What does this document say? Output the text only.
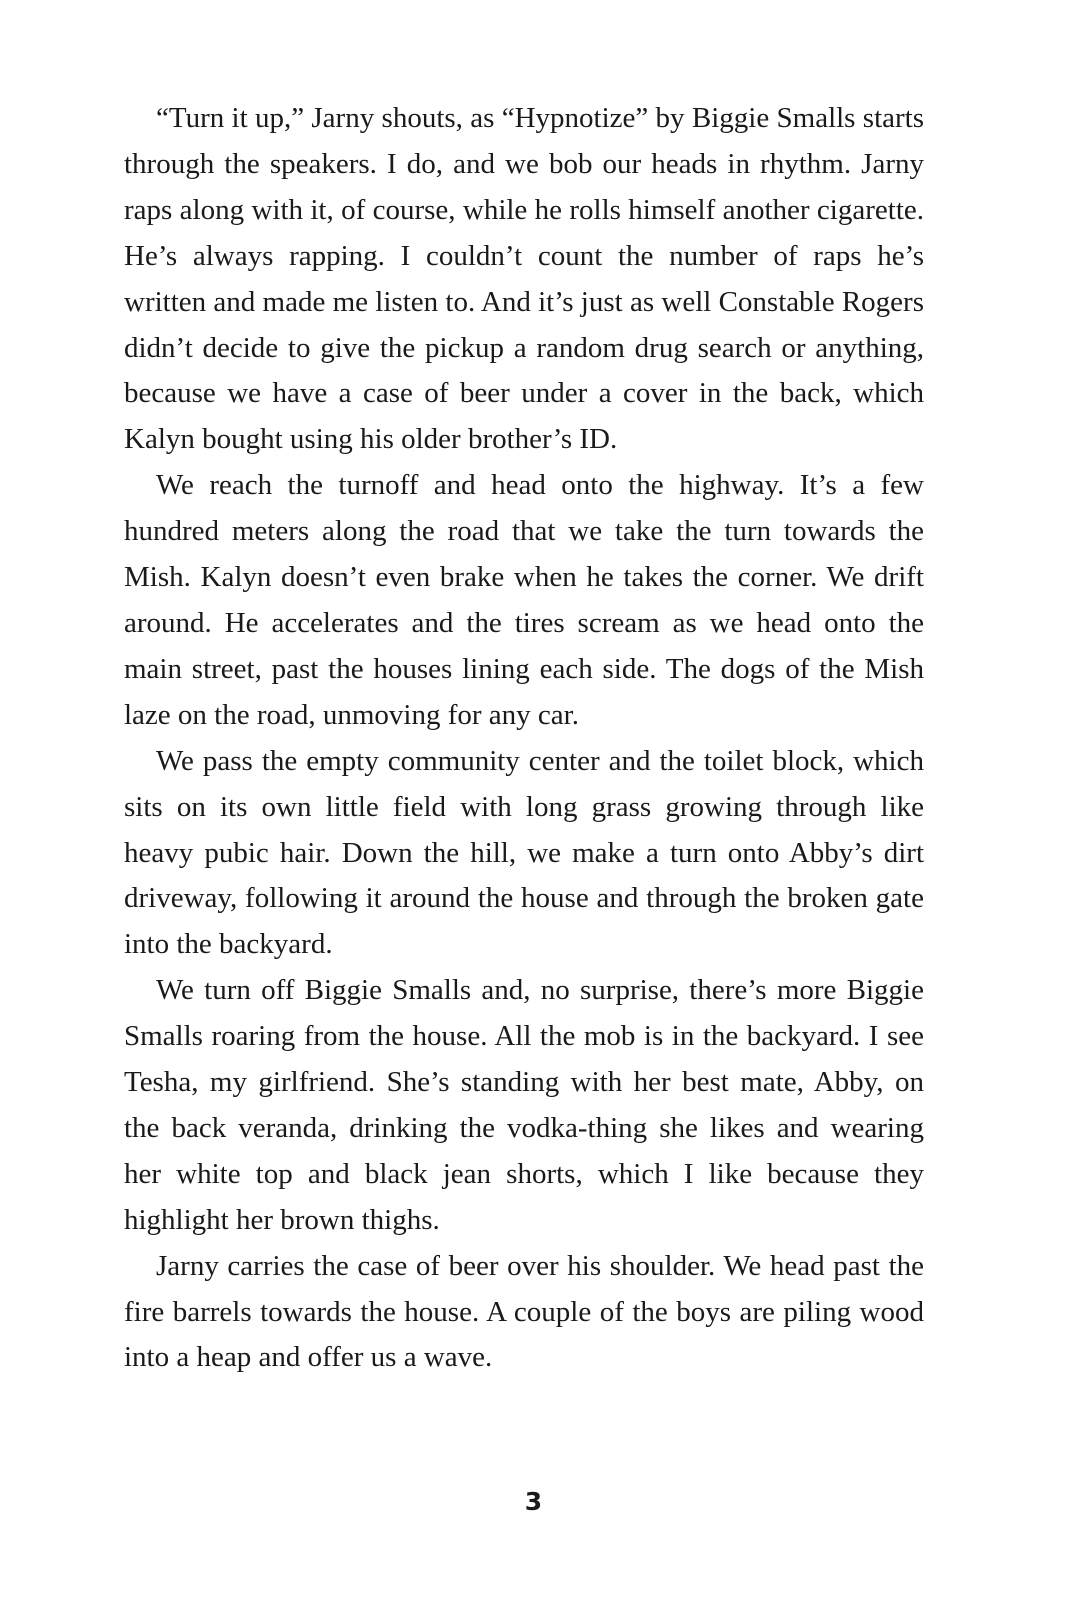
“Turn it up,” Jarny shouts, as “Hypnotize” by Biggie Smalls starts through the speakers. I do, and we bob our heads in rhythm. Jarny raps along with it, of course, while he rolls himself another cigarette. He’s always rapping. I couldn’t count the number of raps he’s written and made me listen to. And it’s just as well Constable Rogers didn’t decide to give the pickup a random drug search or anything, because we have a case of beer under a cover in the back, which Kalyn bought using his older brother’s ID.

We reach the turnoff and head onto the highway. It’s a few hundred meters along the road that we take the turn towards the Mish. Kalyn doesn’t even brake when he takes the corner. We drift around. He accelerates and the tires scream as we head onto the main street, past the houses lining each side. The dogs of the Mish laze on the road, unmoving for any car.

We pass the empty community center and the toilet block, which sits on its own little field with long grass growing through like heavy pubic hair. Down the hill, we make a turn onto Abby’s dirt driveway, following it around the house and through the broken gate into the backyard.

We turn off Biggie Smalls and, no surprise, there’s more Biggie Smalls roaring from the house. All the mob is in the backyard. I see Tesha, my girlfriend. She’s standing with her best mate, Abby, on the back veranda, drinking the vodka-thing she likes and wearing her white top and black jean shorts, which I like because they highlight her brown thighs.

Jarny carries the case of beer over his shoulder. We head past the fire barrels towards the house. A couple of the boys are piling wood into a heap and offer us a wave.

3
